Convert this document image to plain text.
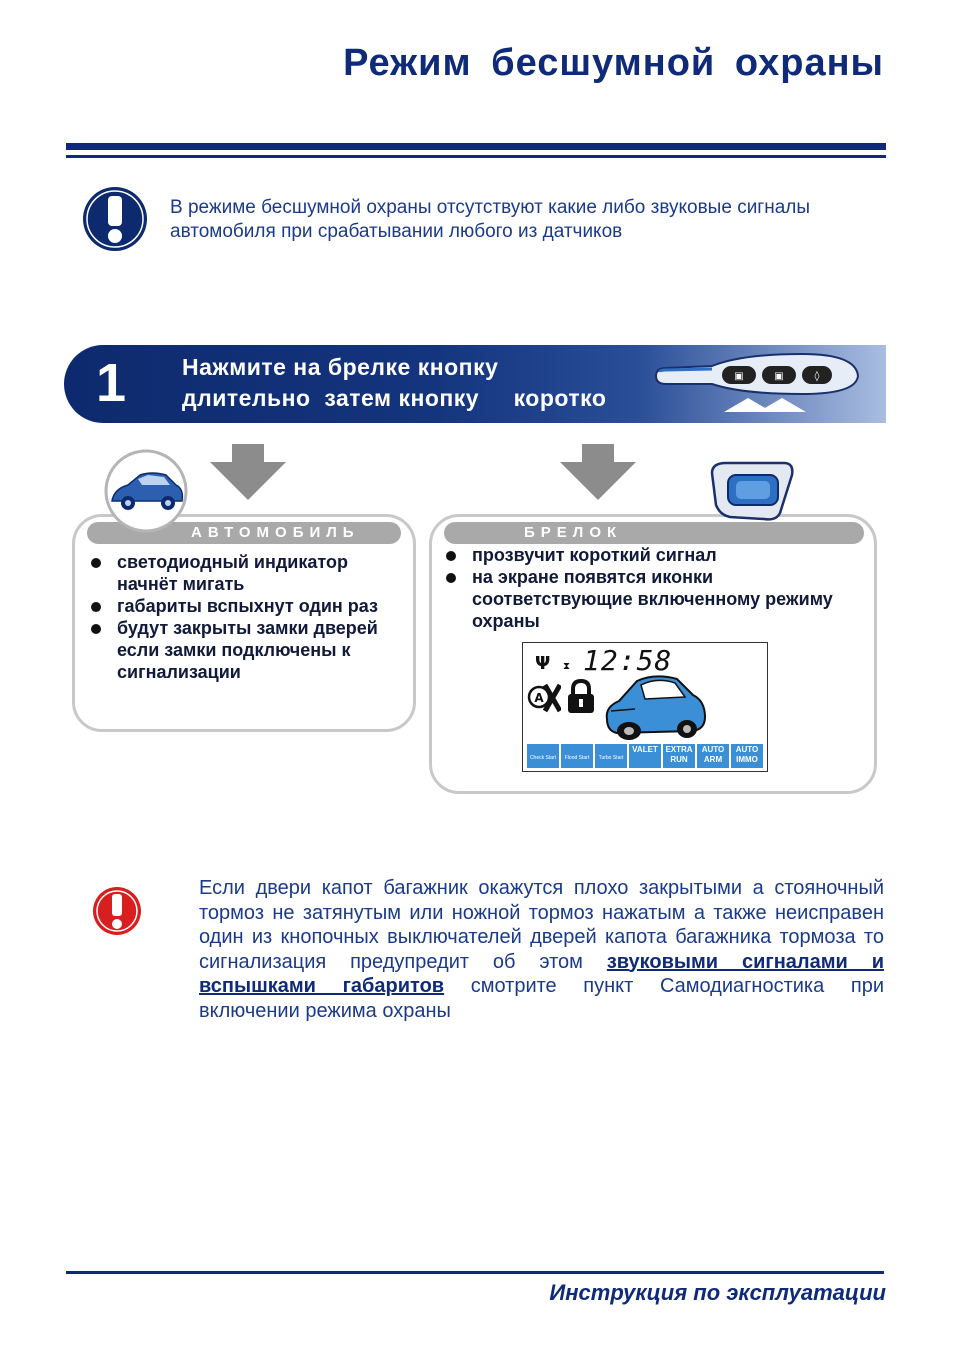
Режим бесшумной охраны
В режиме бесшумной охраны отсутствуют какие либо звуковые сигналы автомобиля при срабатывании любого из датчиков
1 Нажмите на брелке кнопку
длительно  затем кнопку коротко
▣	▣	◊
АВТОМОБИЛЬ
светодиодный индикатор начнёт мигать
габариты вспыхнут один раз
будут закрыты замки дверей если замки подключены к сигнализации
БРЕЛОК
прозвучит короткий сигнал
на экране появятся иконки соответствующие включенному режиму охраны
Ψ ⧗ 12:58
A
Check Start	Flood Start	Turbo Start
VALET EXTRA
RUN
AUTO
ARM
AUTO
IMMO
Если двери капот багажник окажутся плохо закрытыми а стояночный тормоз не затянутым или ножной тормоз нажатым а также неисправен один из кнопочных выключателей дверей капота багажника тормоза то сигнализация предупредит об этом звуковыми сигналами и вспышками габаритов смотрите пункт Самодиагностика при включении режима охраны
Инструкция по эксплуатации
